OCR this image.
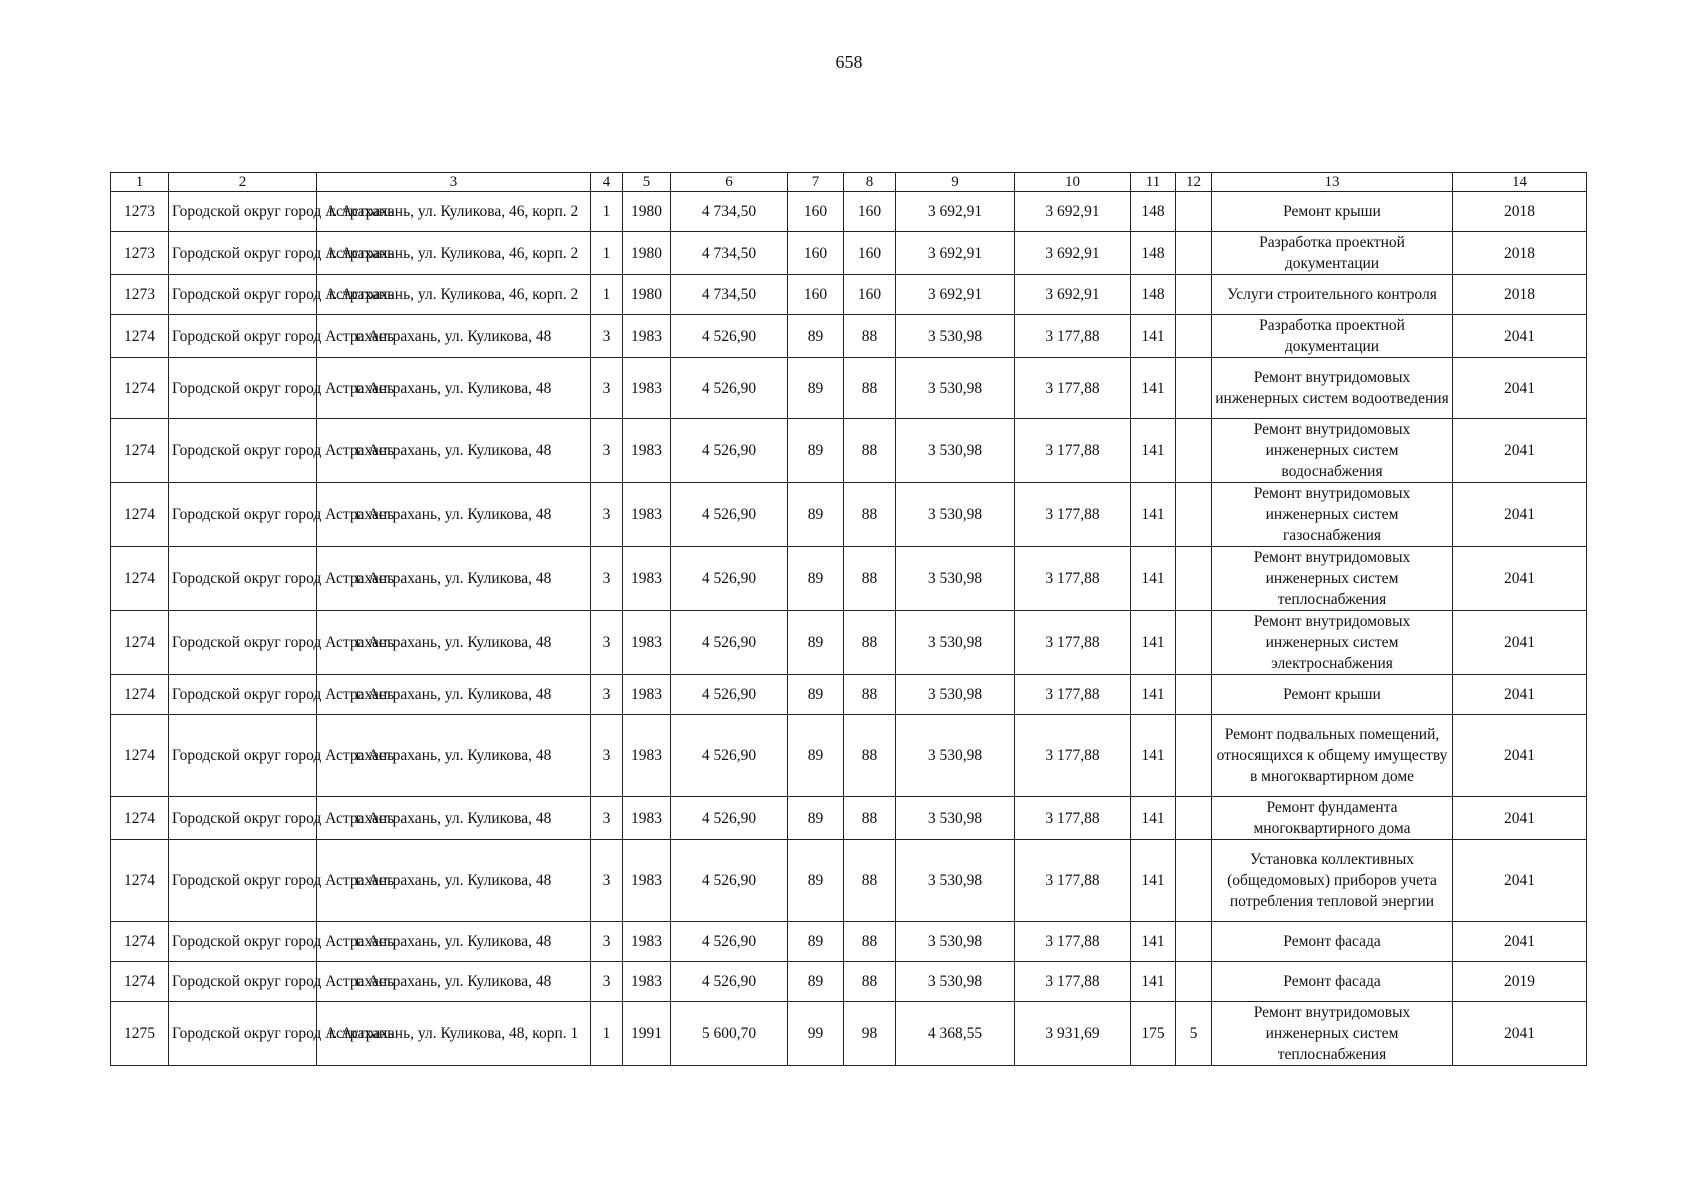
658
1	2	3	4	5	6	7	8	9	10	11	12	13	14
1273	Городской округ город Астрахань	г. Астрахань, ул. Куликова, 46, корп. 2	1	1980	4 734,50	160	160	3 692,91	3 692,91	148		Ремонт крыши	2018
1273	Городской округ город Астрахань	г. Астрахань, ул. Куликова, 46, корп. 2	1	1980	4 734,50	160	160	3 692,91	3 692,91	148		Разработка проектной документации	2018
1273	Городской округ город Астрахань	г. Астрахань, ул. Куликова, 46, корп. 2	1	1980	4 734,50	160	160	3 692,91	3 692,91	148		Услуги строительного контроля	2018
1274	Городской округ город Астрахань	г. Астрахань, ул. Куликова, 48	3	1983	4 526,90	89	88	3 530,98	3 177,88	141		Разработка проектной документации	2041
1274	Городской округ город Астрахань	г. Астрахань, ул. Куликова, 48	3	1983	4 526,90	89	88	3 530,98	3 177,88	141		Ремонт внутридомовых инженерных систем водоотведения	2041
1274	Городской округ город Астрахань	г. Астрахань, ул. Куликова, 48	3	1983	4 526,90	89	88	3 530,98	3 177,88	141		Ремонт внутридомовых инженерных систем водоснабжения	2041
1274	Городской округ город Астрахань	г. Астрахань, ул. Куликова, 48	3	1983	4 526,90	89	88	3 530,98	3 177,88	141		Ремонт внутридомовых инженерных систем газоснабжения	2041
1274	Городской округ город Астрахань	г. Астрахань, ул. Куликова, 48	3	1983	4 526,90	89	88	3 530,98	3 177,88	141		Ремонт внутридомовых инженерных систем теплоснабжения	2041
1274	Городской округ город Астрахань	г. Астрахань, ул. Куликова, 48	3	1983	4 526,90	89	88	3 530,98	3 177,88	141		Ремонт внутридомовых инженерных систем электроснабжения	2041
1274	Городской округ город Астрахань	г. Астрахань, ул. Куликова, 48	3	1983	4 526,90	89	88	3 530,98	3 177,88	141		Ремонт крыши	2041
1274	Городской округ город Астрахань	г. Астрахань, ул. Куликова, 48	3	1983	4 526,90	89	88	3 530,98	3 177,88	141		Ремонт подвальных помещений, относящихся к общему имуществу в многоквартирном доме	2041
1274	Городской округ город Астрахань	г. Астрахань, ул. Куликова, 48	3	1983	4 526,90	89	88	3 530,98	3 177,88	141		Ремонт фундамента многоквартирного дома	2041
1274	Городской округ город Астрахань	г. Астрахань, ул. Куликова, 48	3	1983	4 526,90	89	88	3 530,98	3 177,88	141		Установка коллективных (общедомовых) приборов учета потребления тепловой энергии	2041
1274	Городской округ город Астрахань	г. Астрахань, ул. Куликова, 48	3	1983	4 526,90	89	88	3 530,98	3 177,88	141		Ремонт фасада	2041
1274	Городской округ город Астрахань	г. Астрахань, ул. Куликова, 48	3	1983	4 526,90	89	88	3 530,98	3 177,88	141		Ремонт фасада	2019
1275	Городской округ город Астрахань	г. Астрахань, ул. Куликова, 48, корп. 1	1	1991	5 600,70	99	98	4 368,55	3 931,69	175	5	Ремонт внутридомовых инженерных систем теплоснабжения	2041
